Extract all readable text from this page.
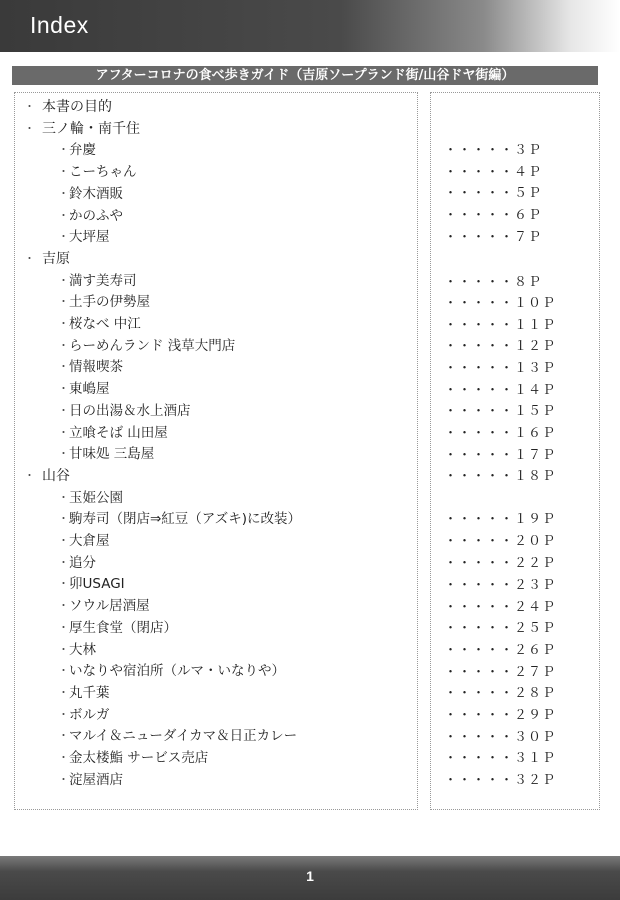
Index
アフターコロナの食べ歩きガイド（吉原ソープランド街/山谷ドヤ街編）
・ 本書の目的
・ 三ノ輪・南千住
・ 弁慶
・ こーちゃん
・ 鈴木酒販
・ かのふや
・ 大坪屋
・ 吉原
・ 満す美寿司
・ 土手の伊勢屋
・ 桜なべ 中江
・ らーめんランド 浅草大門店
・ 情報喫茶
・ 東嶋屋
・ 日の出湯＆水上酒店
・ 立喰そば 山田屋
・ 甘味処 三島屋
・ 山谷
・ 玉姫公園
・ 駒寿司（閉店⇒紅豆（アズキ)に改装）
・ 大倉屋
・ 追分
・ 卯USAGI
・ ソウル居酒屋
・ 厚生食堂（閉店）
・ 大林
・ いなりや宿泊所（ルマ・いなりや）
・ 丸千葉
・ ボルガ
・ マルイ＆ニューダイカマ＆日正カレー
・ 金太楼鮨 サービス売店
・ 淀屋酒店
・・・・・３Ｐ
・・・・・４Ｐ
・・・・・５Ｐ
・・・・・６Ｐ
・・・・・７Ｐ
・・・・・８Ｐ
・・・・・１０Ｐ
・・・・・１１Ｐ
・・・・・１２Ｐ
・・・・・１３Ｐ
・・・・・１４Ｐ
・・・・・１５Ｐ
・・・・・１６Ｐ
・・・・・１７Ｐ
・・・・・１８Ｐ
・・・・・１９Ｐ
・・・・・２０Ｐ
・・・・・２２Ｐ
・・・・・２３Ｐ
・・・・・２４Ｐ
・・・・・２５Ｐ
・・・・・２６Ｐ
・・・・・２７Ｐ
・・・・・２８Ｐ
・・・・・２９Ｐ
・・・・・３０Ｐ
・・・・・３１Ｐ
・・・・・３２Ｐ
1
